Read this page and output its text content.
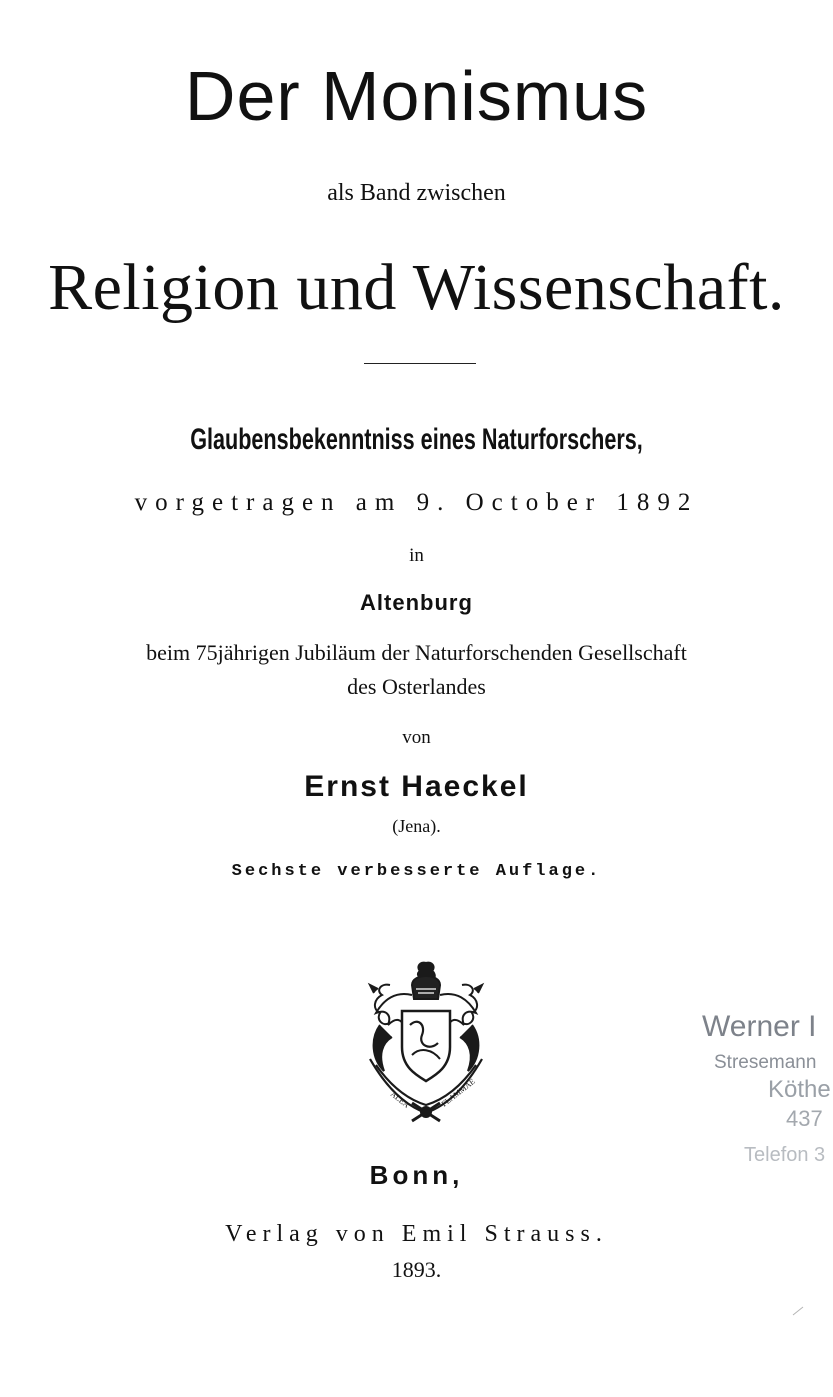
Der Monismus
als Band zwischen
Religion und Wissenschaft.
Glaubensbekenntniss eines Naturforschers,
vorgetragen am 9. October 1892
in
Altenburg
beim 75jährigen Jubiläum der Naturforschenden Gesellschaft
des Osterlandes
von
Ernst Haeckel
(Jena).
Sechste verbesserte Auflage.
ALEA	FLAMMAE
Werner I
Stresemann
Köthe
437
Telefon 3
Bonn,
Verlag von Emil Strauss.
1893.
